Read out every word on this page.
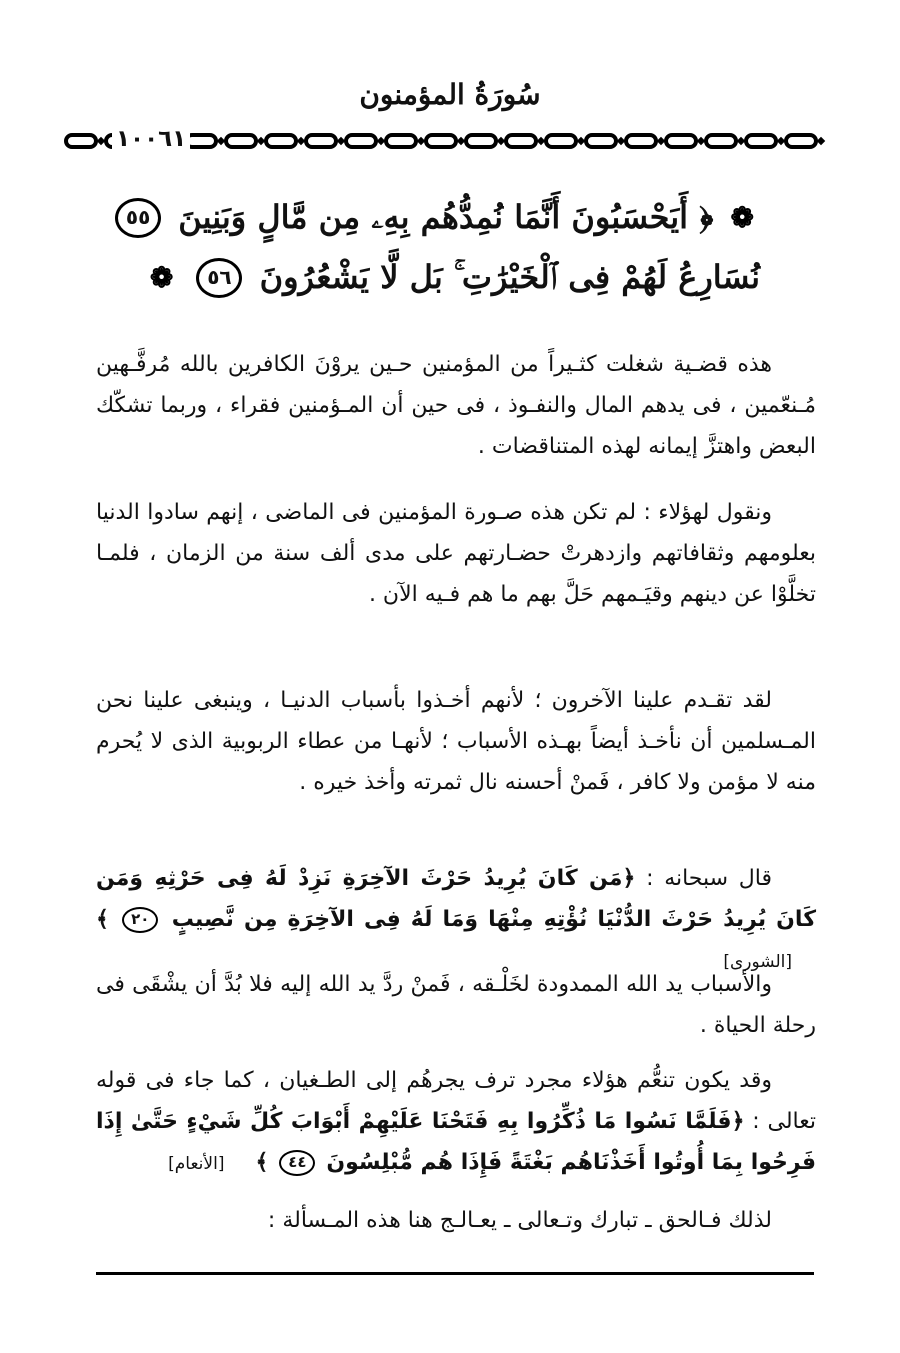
سُورَةُ المؤمنون
١٠٠٦١
❁ ﴿ أَيَحْسَبُونَ أَنَّمَا نُمِدُّهُم بِهِۦ مِن مَّالٍ وَبَنِينَ ٥٥
نُسَارِعُ لَهُمْ فِى ٱلْخَيْرَٰتِ ۚ بَل لَّا يَشْعُرُونَ ٥٦ ❁

هذه قضـية شغلت كثـيراً من المؤمنين حـين يروْنَ الكافرين بالله مُرفَّـهين مُـنعّمين ، فى يدهم المال والنفـوذ ، فى حين أن المـؤمنين فقراء ، وربما تشكّك البعض واهتزَّ إيمانه لهذه المتناقضات .

ونقول لهؤلاء : لم تكن هذه صـورة المؤمنين فى الماضى ، إنهم سادوا الدنيا بعلومهم وثقافاتهم وازدهرتْ حضـارتهم على مدى ألف سنة من الزمان ، فلمـا تخلَّوْا عن دينهم وقيَـمهم حَلَّ بهم ما هم فـيه الآن .

لقد تقـدم علينا الآخرون ؛ لأنهم أخـذوا بأسباب الدنيـا ، وينبغى علينا نحن المـسلمين أن نأخـذ أيضاً بهـذه الأسباب ؛ لأنهـا من عطاء الربوبية الذى لا يُحرم منه لا مؤمن ولا كافر ، فَمنْ أحسنه نال ثمرته وأخذ خيره .

قال سبحانه : ﴿مَن كَانَ يُرِيدُ حَرْثَ الآخِرَةِ نَزِدْ لَهُ فِى حَرْثِهِ وَمَن كَانَ يُرِيدُ حَرْثَ الدُّنْيَا نُؤْتِهِ مِنْهَا وَمَا لَهُ فِى الآخِرَةِ مِن نَّصِيبٍ ٢٠ ﴾ [الشورى]

والأسباب يد الله الممدودة لخَلْـقه ، فَمنْ ردَّ يد الله إليه فلا بُدَّ أن يشْقَى فى رحلة الحياة .

وقد يكون تنعُّم هؤلاء مجرد ترف يجرهُم إلى الطـغيان ، كما جاء فى قوله تعالى : ﴿فَلَمَّا نَسُوا مَا ذُكِّرُوا بِهِ فَتَحْنَا عَلَيْهِمْ أَبْوَابَ كُلِّ شَيْءٍ حَتَّىٰ إِذَا فَرِحُوا بِمَا أُوتُوا أَخَذْنَاهُم بَغْتَةً فَإِذَا هُم مُّبْلِسُونَ ٤٤ ﴾ [الأنعام]

لذلك فـالحق ـ تبارك وتـعالى ـ يعـالـج هنا هذه المـسألة :
